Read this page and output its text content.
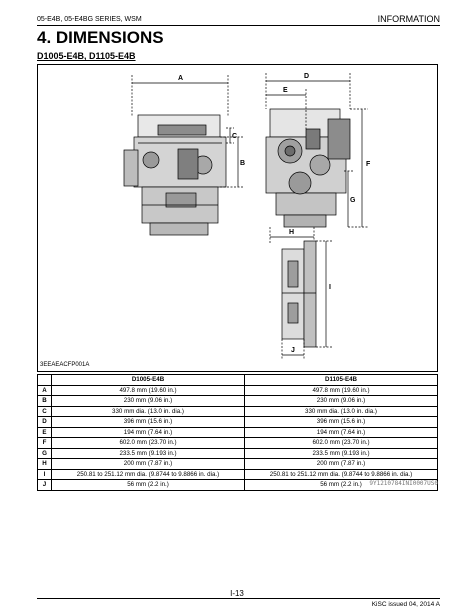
05-E4B, 05-E4BG SERIES, WSM	INFORMATION
4. DIMENSIONS
D1005-E4B, D1105-E4B
A
B
C
D
E
F
G
H
I
J
3EEAEACFP001A
	D1005-E4B	D1105-E4B
A	497.8 mm (19.60 in.)	497.8 mm (19.60 in.)
B	230 mm (9.06 in.)	230 mm (9.06 in.)
C	330 mm dia. (13.0 in. dia.)	330 mm dia. (13.0 in. dia.)
D	396 mm (15.6 in.)	396 mm (15.6 in.)
E	194 mm (7.64 in.)	194 mm (7.64 in.)
F	602.0 mm (23.70 in.)	602.0 mm (23.70 in.)
G	233.5 mm (9.193 in.)	233.5 mm (9.193 in.)
H	200 mm (7.87 in.)	200 mm (7.87 in.)
I	250.81 to 251.12 mm dia. (9.8744 to 9.8866 in. dia.)	250.81 to 251.12 mm dia. (9.8744 to 9.8866 in. dia.)
J	56 mm (2.2 in.)	56 mm (2.2 in.) 9Y1210784INI0007US0
I-13
KiSC issued 04, 2014 A
